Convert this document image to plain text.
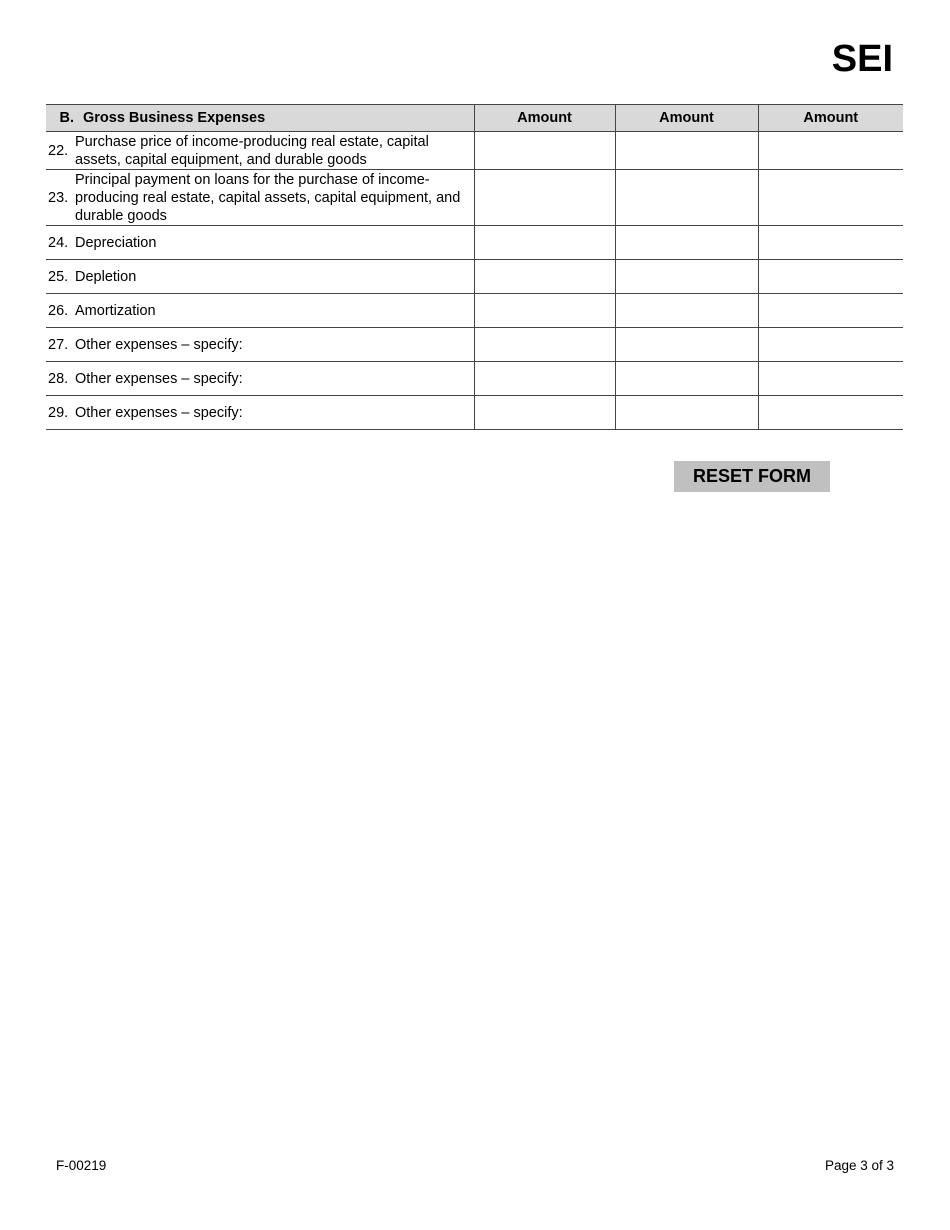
SEI
B.	Gross Business Expenses	Amount	Amount	Amount
22.	Purchase price of income-producing real estate, capital assets, capital equipment, and durable goods			
23.	Principal payment on loans for the purchase of income-producing real estate, capital assets, capital equipment, and durable goods			
24.	Depreciation			
25.	Depletion			
26.	Amortization			
27.	Other expenses – specify:			
28.	Other expenses – specify:			
29.	Other expenses – specify:			
RESET FORM
F-00219	Page 3 of 3
